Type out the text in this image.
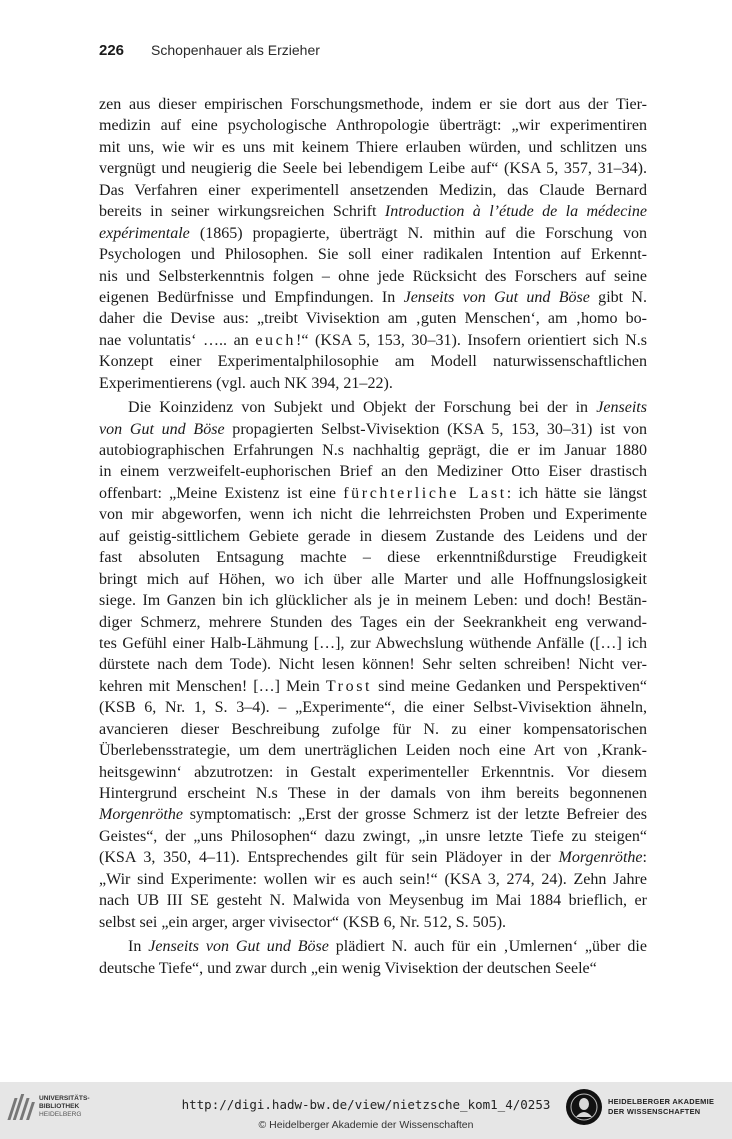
226 Schopenhauer als Erzieher
zen aus dieser empirischen Forschungsmethode, indem er sie dort aus der Tier-
medizin auf eine psychologische Anthropologie überträgt: „wir experimentiren
mit uns, wie wir es uns mit keinem Thiere erlauben würden, und schlitzen uns
vergnügt und neugierig die Seele bei lebendigem Leibe auf“ (KSA 5, 357, 31–34).
Das Verfahren einer experimentell ansetzenden Medizin, das Claude Bernard
bereits in seiner wirkungsreichen Schrift Introduction à l’étude de la médecine
expérimentale (1865) propagierte, überträgt N. mithin auf die Forschung von
Psychologen und Philosophen. Sie soll einer radikalen Intention auf Erkennt-
nis und Selbsterkenntnis folgen – ohne jede Rücksicht des Forschers auf seine
eigenen Bedürfnisse und Empfindungen. In Jenseits von Gut und Böse gibt N.
daher die Devise aus: „treibt Vivisektion am ‚guten Menschen‘, am ‚homo bo-
nae voluntatis‘ ….. an euch!“ (KSA 5, 153, 30–31). Insofern orientiert sich N.s
Konzept einer Experimentalphilosophie am Modell naturwissenschaftlichen
Experimentierens (vgl. auch NK 394, 21–22).
Die Koinzidenz von Subjekt und Objekt der Forschung bei der in Jenseits
von Gut und Böse propagierten Selbst-Vivisektion (KSA 5, 153, 30–31) ist von
autobiographischen Erfahrungen N.s nachhaltig geprägt, die er im Januar 1880
in einem verzweifelt-euphorischen Brief an den Mediziner Otto Eiser drastisch
offenbart: „Meine Existenz ist eine fürchterliche Last: ich hätte sie längst
von mir abgeworfen, wenn ich nicht die lehrreichsten Proben und Experimente
auf geistig-sittlichem Gebiete gerade in diesem Zustande des Leidens und der
fast absoluten Entsagung machte – diese erkenntnißdurstige Freudigkeit
bringt mich auf Höhen, wo ich über alle Marter und alle Hoffnungslosigkeit
siege. Im Ganzen bin ich glücklicher als je in meinem Leben: und doch! Bestän-
diger Schmerz, mehrere Stunden des Tages ein der Seekrankheit eng verwand-
tes Gefühl einer Halb-Lähmung […], zur Abwechslung wüthende Anfälle ([…] ich
dürstete nach dem Tode). Nicht lesen können! Sehr selten schreiben! Nicht ver-
kehren mit Menschen! […] Mein Trost sind meine Gedanken und Perspektiven“
(KSB 6, Nr. 1, S. 3–4). – „Experimente“, die einer Selbst-Vivisektion ähneln,
avancieren dieser Beschreibung zufolge für N. zu einer kompensatorischen
Überlebensstrategie, um dem unerträglichen Leiden noch eine Art von ‚Krank-
heitsgewinn‘ abzutrotzen: in Gestalt experimenteller Erkenntnis. Vor diesem
Hintergrund erscheint N.s These in der damals von ihm bereits begonnenen
Morgenröthe symptomatisch: „Erst der grosse Schmerz ist der letzte Befreier des
Geistes“, der „uns Philosophen“ dazu zwingt, „in unsre letzte Tiefe zu steigen“
(KSA 3, 350, 4–11). Entsprechendes gilt für sein Plädoyer in der Morgenröthe:
„Wir sind Experimente: wollen wir es auch sein!“ (KSA 3, 274, 24). Zehn Jahre
nach UB III SE gesteht N. Malwida von Meysenbug im Mai 1884 brieflich, er
selbst sei „ein arger, arger vivisector“ (KSB 6, Nr. 512, S. 505).
In Jenseits von Gut und Böse plädiert N. auch für ein ‚Umlernen‘ „über die
deutsche Tiefe“, und zwar durch „ein wenig Vivisektion der deutschen Seele“
UNIVERSITÄTS-
BIBLIOTHEK
HEIDELBERG
http://digi.hadw-bw.de/view/nietzsche_kom1_4/0253
© Heidelberger Akademie der Wissenschaften
HEIDELBERGER AKADEMIE
DER WISSENSCHAFTEN
